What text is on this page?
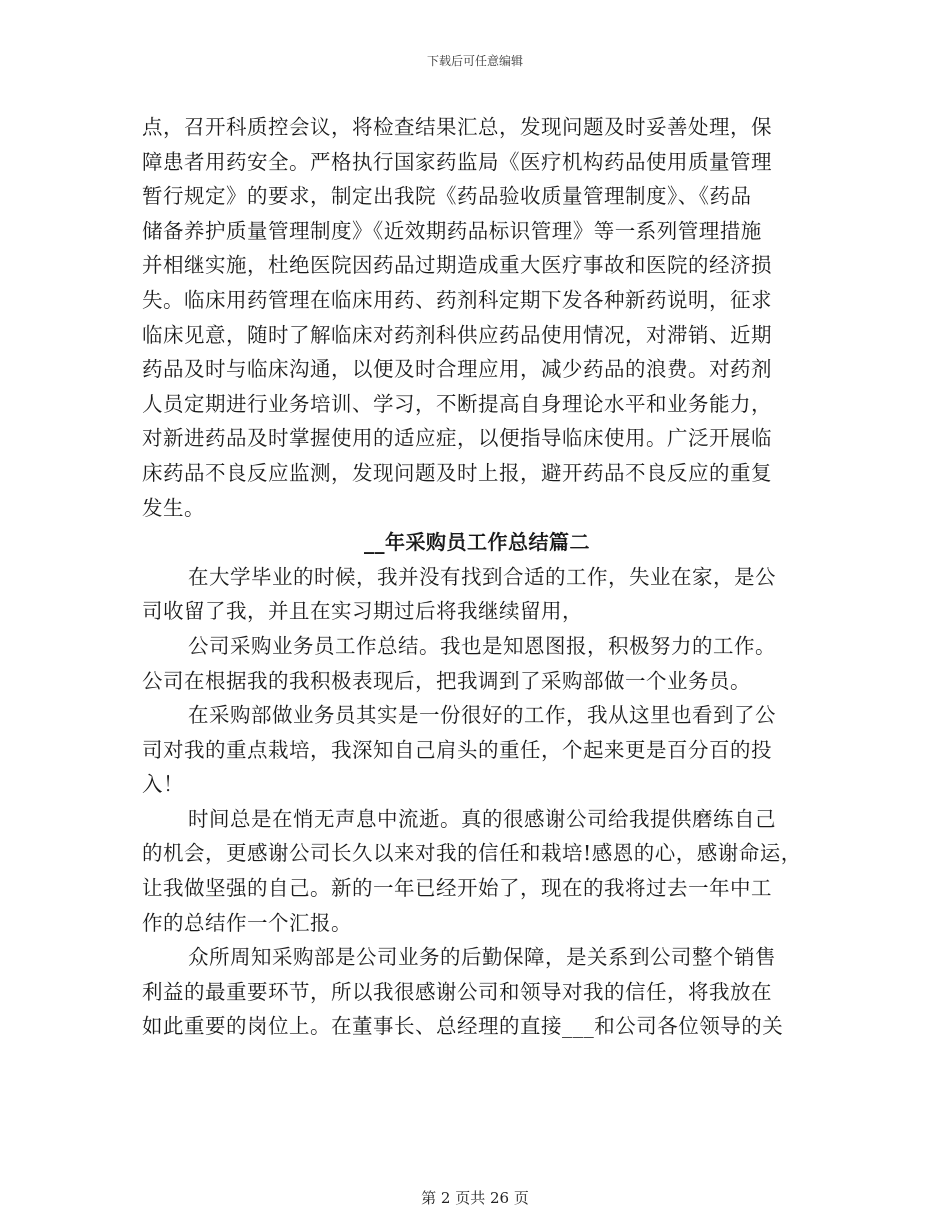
下载后可任意编辑
点，召开科质控会议，将检查结果汇总，发现问题及时妥善处理，保
障患者用药安全。严格执行国家药监局《医疗机构药品使用质量管理
暂行规定》的要求，制定出我院《药品验收质量管理制度》、《药品
储备养护质量管理制度》《近效期药品标识管理》等一系列管理措施
并相继实施，杜绝医院因药品过期造成重大医疗事故和医院的经济损
失。临床用药管理在临床用药、药剂科定期下发各种新药说明，征求
临床见意，随时了解临床对药剂科供应药品使用情况，对滞销、近期
药品及时与临床沟通，以便及时合理应用，减少药品的浪费。对药剂
人员定期进行业务培训、学习，不断提高自身理论水平和业务能力，
对新进药品及时掌握使用的适应症，以便指导临床使用。广泛开展临
床药品不良反应监测，发现问题及时上报，避开药品不良反应的重复
发生。
__年采购员工作总结篇二
在大学毕业的时候，我并没有找到合适的工作，失业在家，是公
司收留了我，并且在实习期过后将我继续留用，
公司采购业务员工作总结。我也是知恩图报，积极努力的工作。
公司在根据我的我积极表现后，把我调到了采购部做一个业务员。
在采购部做业务员其实是一份很好的工作，我从这里也看到了公
司对我的重点栽培，我深知自己肩头的重任，个起来更是百分百的投
入！
时间总是在悄无声息中流逝。真的很感谢公司给我提供磨练自己
的机会，更感谢公司长久以来对我的信任和栽培!感恩的心，感谢命运，
让我做坚强的自己。新的一年已经开始了，现在的我将过去一年中工
作的总结作一个汇报。
众所周知采购部是公司业务的后勤保障，是关系到公司整个销售
利益的最重要环节，所以我很感谢公司和领导对我的信任，将我放在
如此重要的岗位上。在董事长、总经理的直接___和公司各位领导的关
第 2 页共 26 页
